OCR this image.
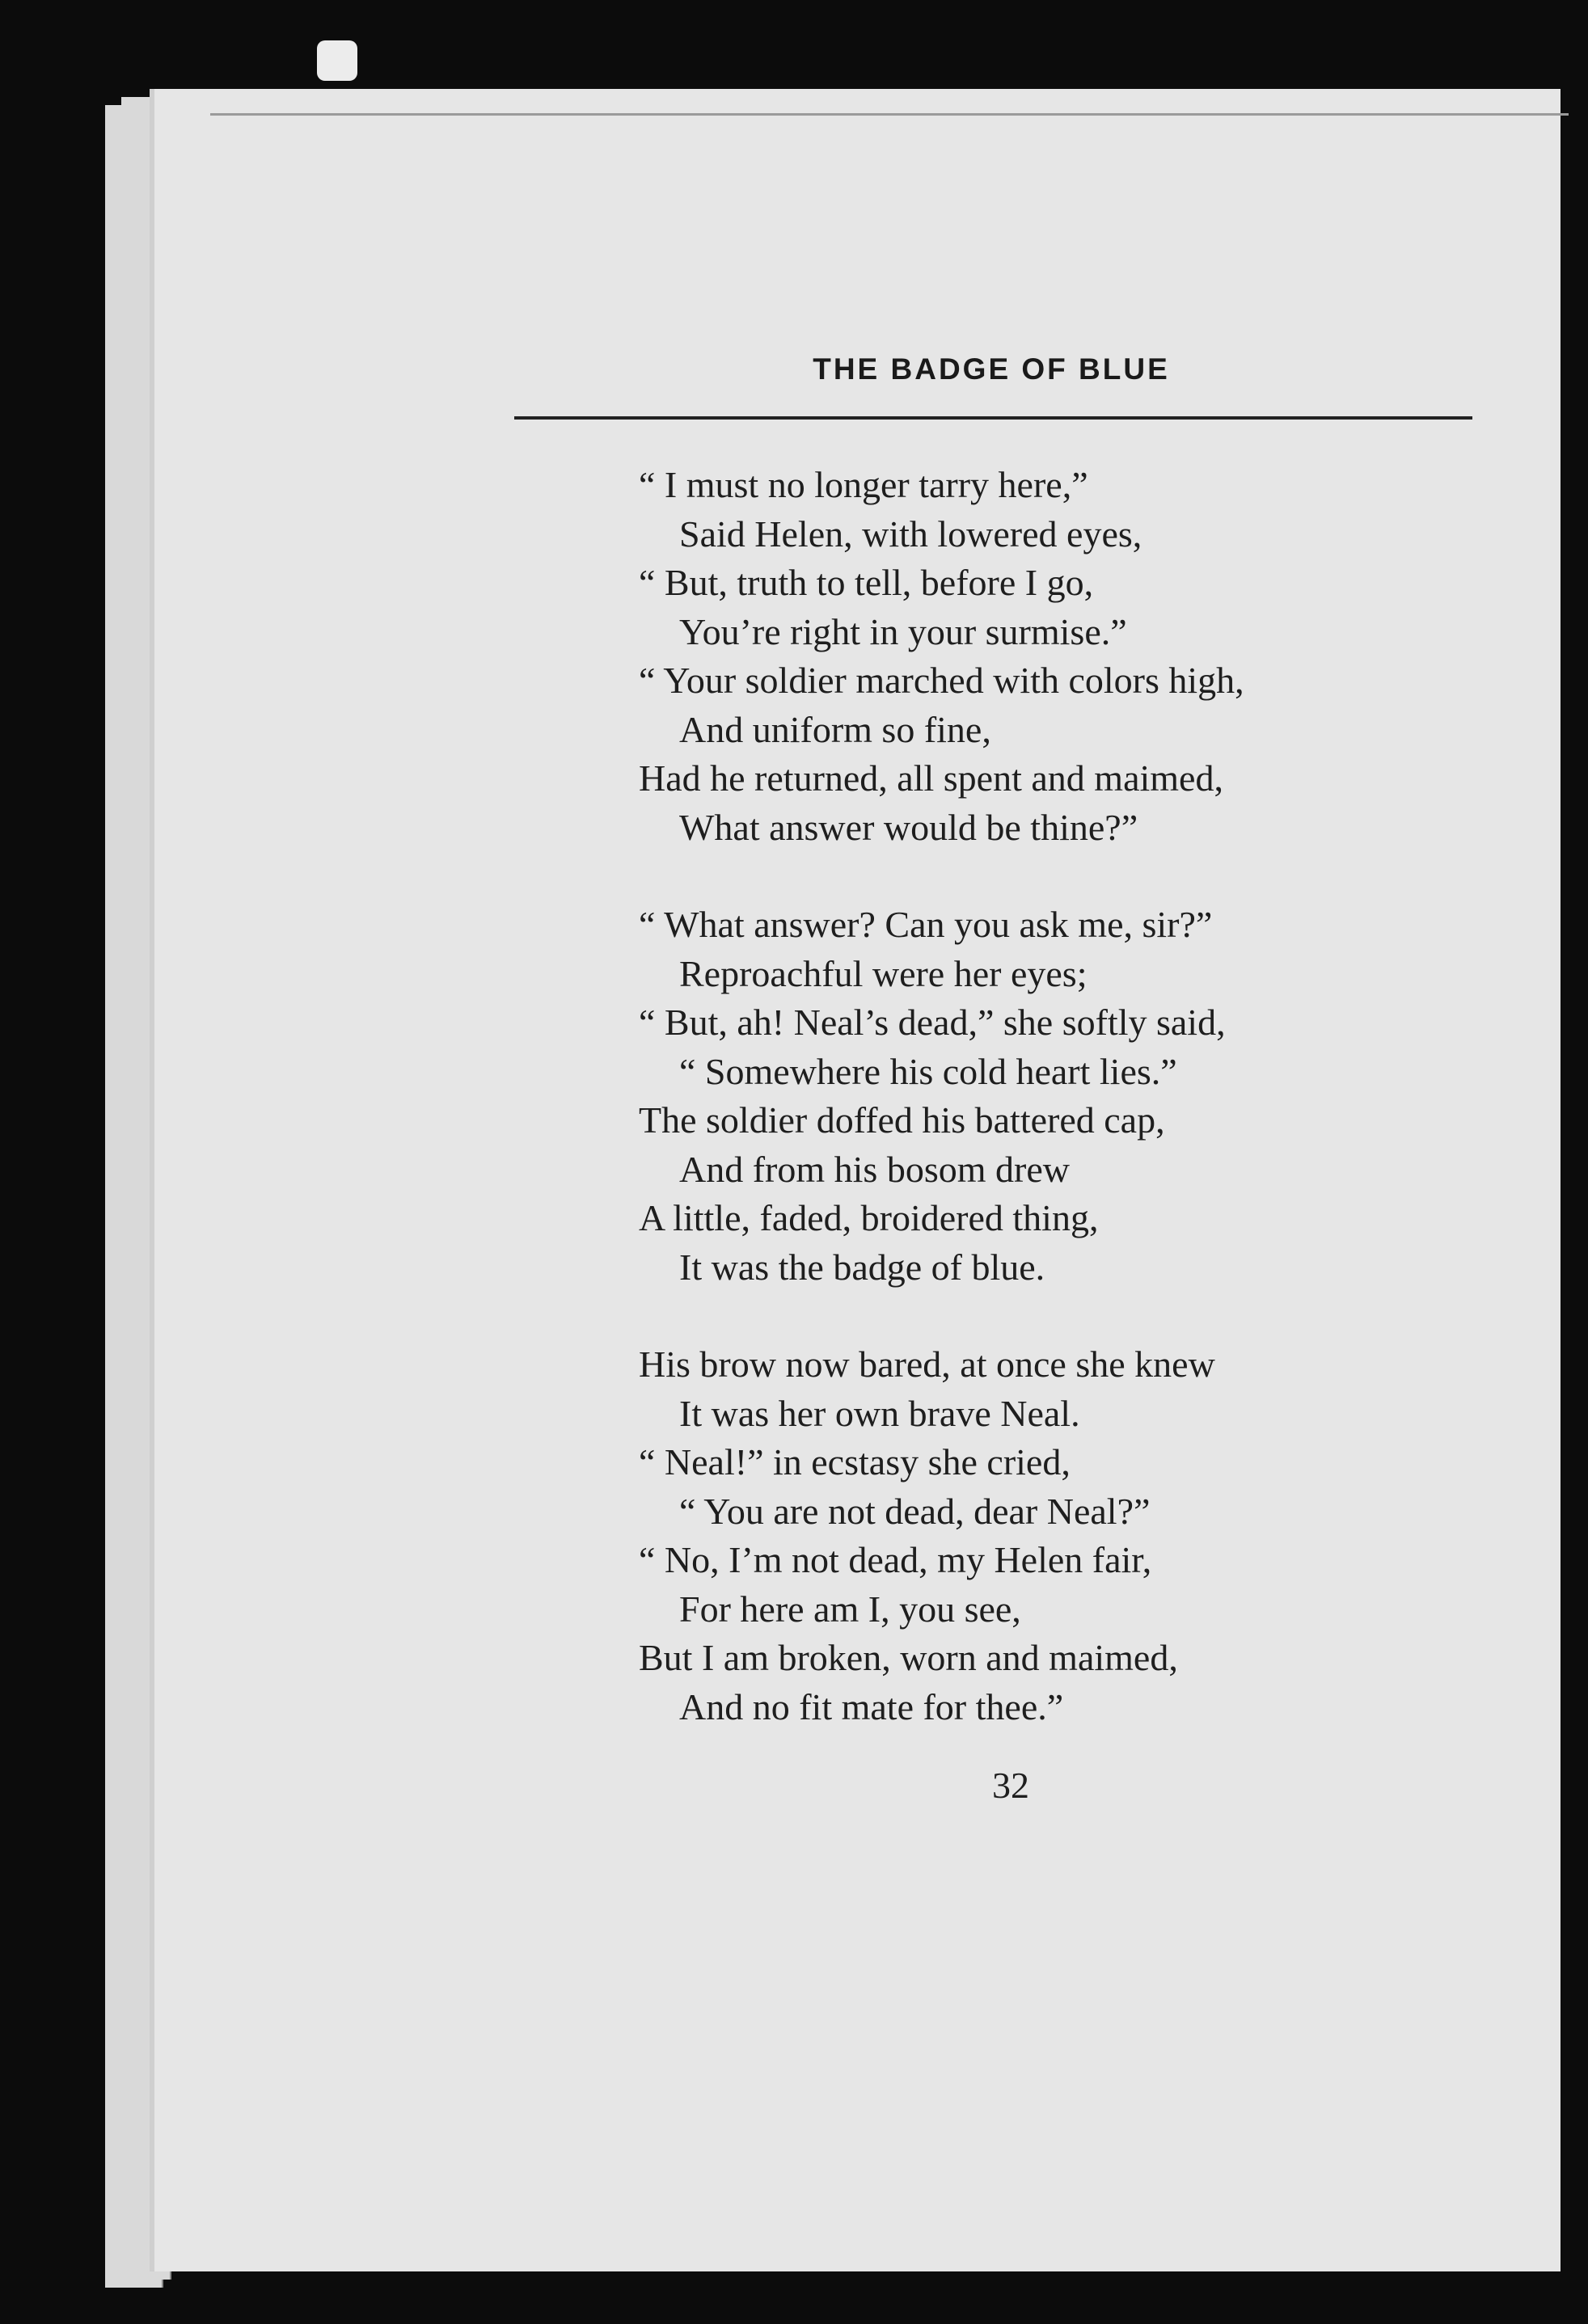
THE BADGE OF BLUE
“ I must no longer tarry here,”
Said Helen, with lowered eyes,
“ But, truth to tell, before I go,
You’re right in your surmise.”
“ Your soldier marched with colors high,
And uniform so fine,
Had he returned, all spent and maimed,
What answer would be thine?”
“ What answer? Can you ask me, sir?”
Reproachful were her eyes;
“ But, ah! Neal’s dead,” she softly said,
“ Somewhere his cold heart lies.”
The soldier doffed his battered cap,
And from his bosom drew
A little, faded, broidered thing,
It was the badge of blue.
His brow now bared, at once she knew
It was her own brave Neal.
“ Neal!” in ecstasy she cried,
“ You are not dead, dear Neal?”
“ No, I’m not dead, my Helen fair,
For here am I, you see,
But I am broken, worn and maimed,
And no fit mate for thee.”

32
